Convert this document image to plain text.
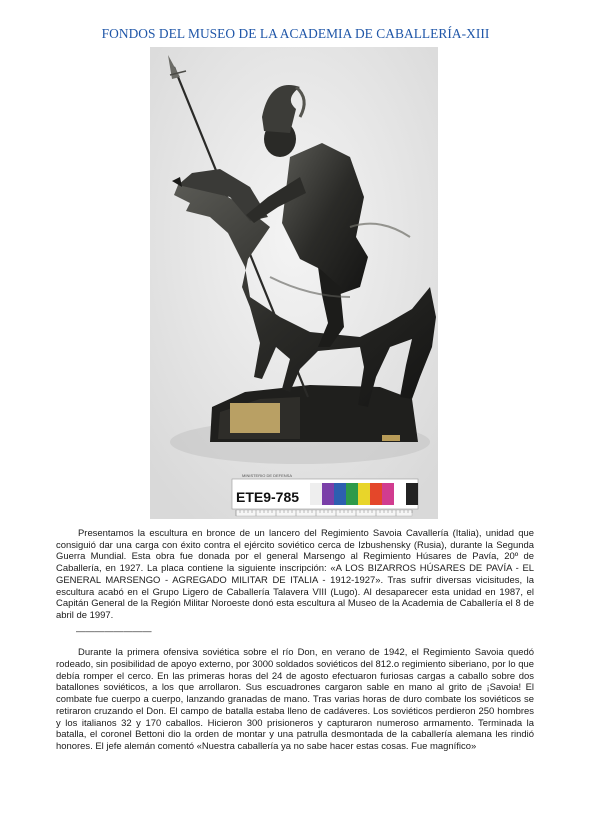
FONDOS DEL MUSEO DE LA ACADEMIA DE CABALLERÍA-XIII
ETE9-785
MINISTERIO DE DEFENSA

Presentamos la escultura en bronce de un lancero del Regimiento Savoia Cavallería (Italia), unidad que consiguió dar una carga con éxito contra el ejército soviético cerca de Izbushensky (Rusia), durante la Segunda Guerra Mundial. Esta obra fue donada por el general Marsengo al Regimiento Húsares de Pavía, 20º de Caballería, en 1927. La placa contiene la siguiente inscripción: «A LOS BIZARROS HÚSARES DE PAVÍA - EL GENERAL MARSENGO - AGREGADO MILITAR DE ITALIA - 1912-1927». Tras sufrir diversas vicisitudes, la escultura acabó en el Grupo Ligero de Caballería Talavera VIII (Lugo). Al desaparecer esta unidad en 1987, el Capitán General de la Región Militar Noroeste donó esta escultura al Museo de la Academia de Caballería el 8 de abril de 1997.

————————

Durante la primera ofensiva soviética sobre el río Don, en verano de 1942, el Regimiento Savoia quedó rodeado, sin posibilidad de apoyo externo, por 3000 soldados soviéticos del 812.o regimiento siberiano, por lo que debía romper el cerco. En las primeras horas del 24 de agosto efectuaron furiosas cargas a caballo sobre dos batallones soviéticos, a los que arrollaron. Sus escuadrones cargaron sable en mano al grito de ¡Savoia! El combate fue cuerpo a cuerpo, lanzando granadas de mano. Tras varias horas de duro combate los soviéticos se retiraron cruzando el Don. El campo de batalla estaba lleno de cadáveres. Los soviéticos perdieron 250 hombres y los italianos 32 y 170 caballos. Hicieron 300 prisioneros y capturaron numeroso armamento. Terminada la batalla, el coronel Bettoni dio la orden de montar y una patrulla desmontada de la caballería alemana les rindió honores. El jefe alemán comentó «Nuestra caballería ya no sabe hacer estas cosas. Fue magnífico»
